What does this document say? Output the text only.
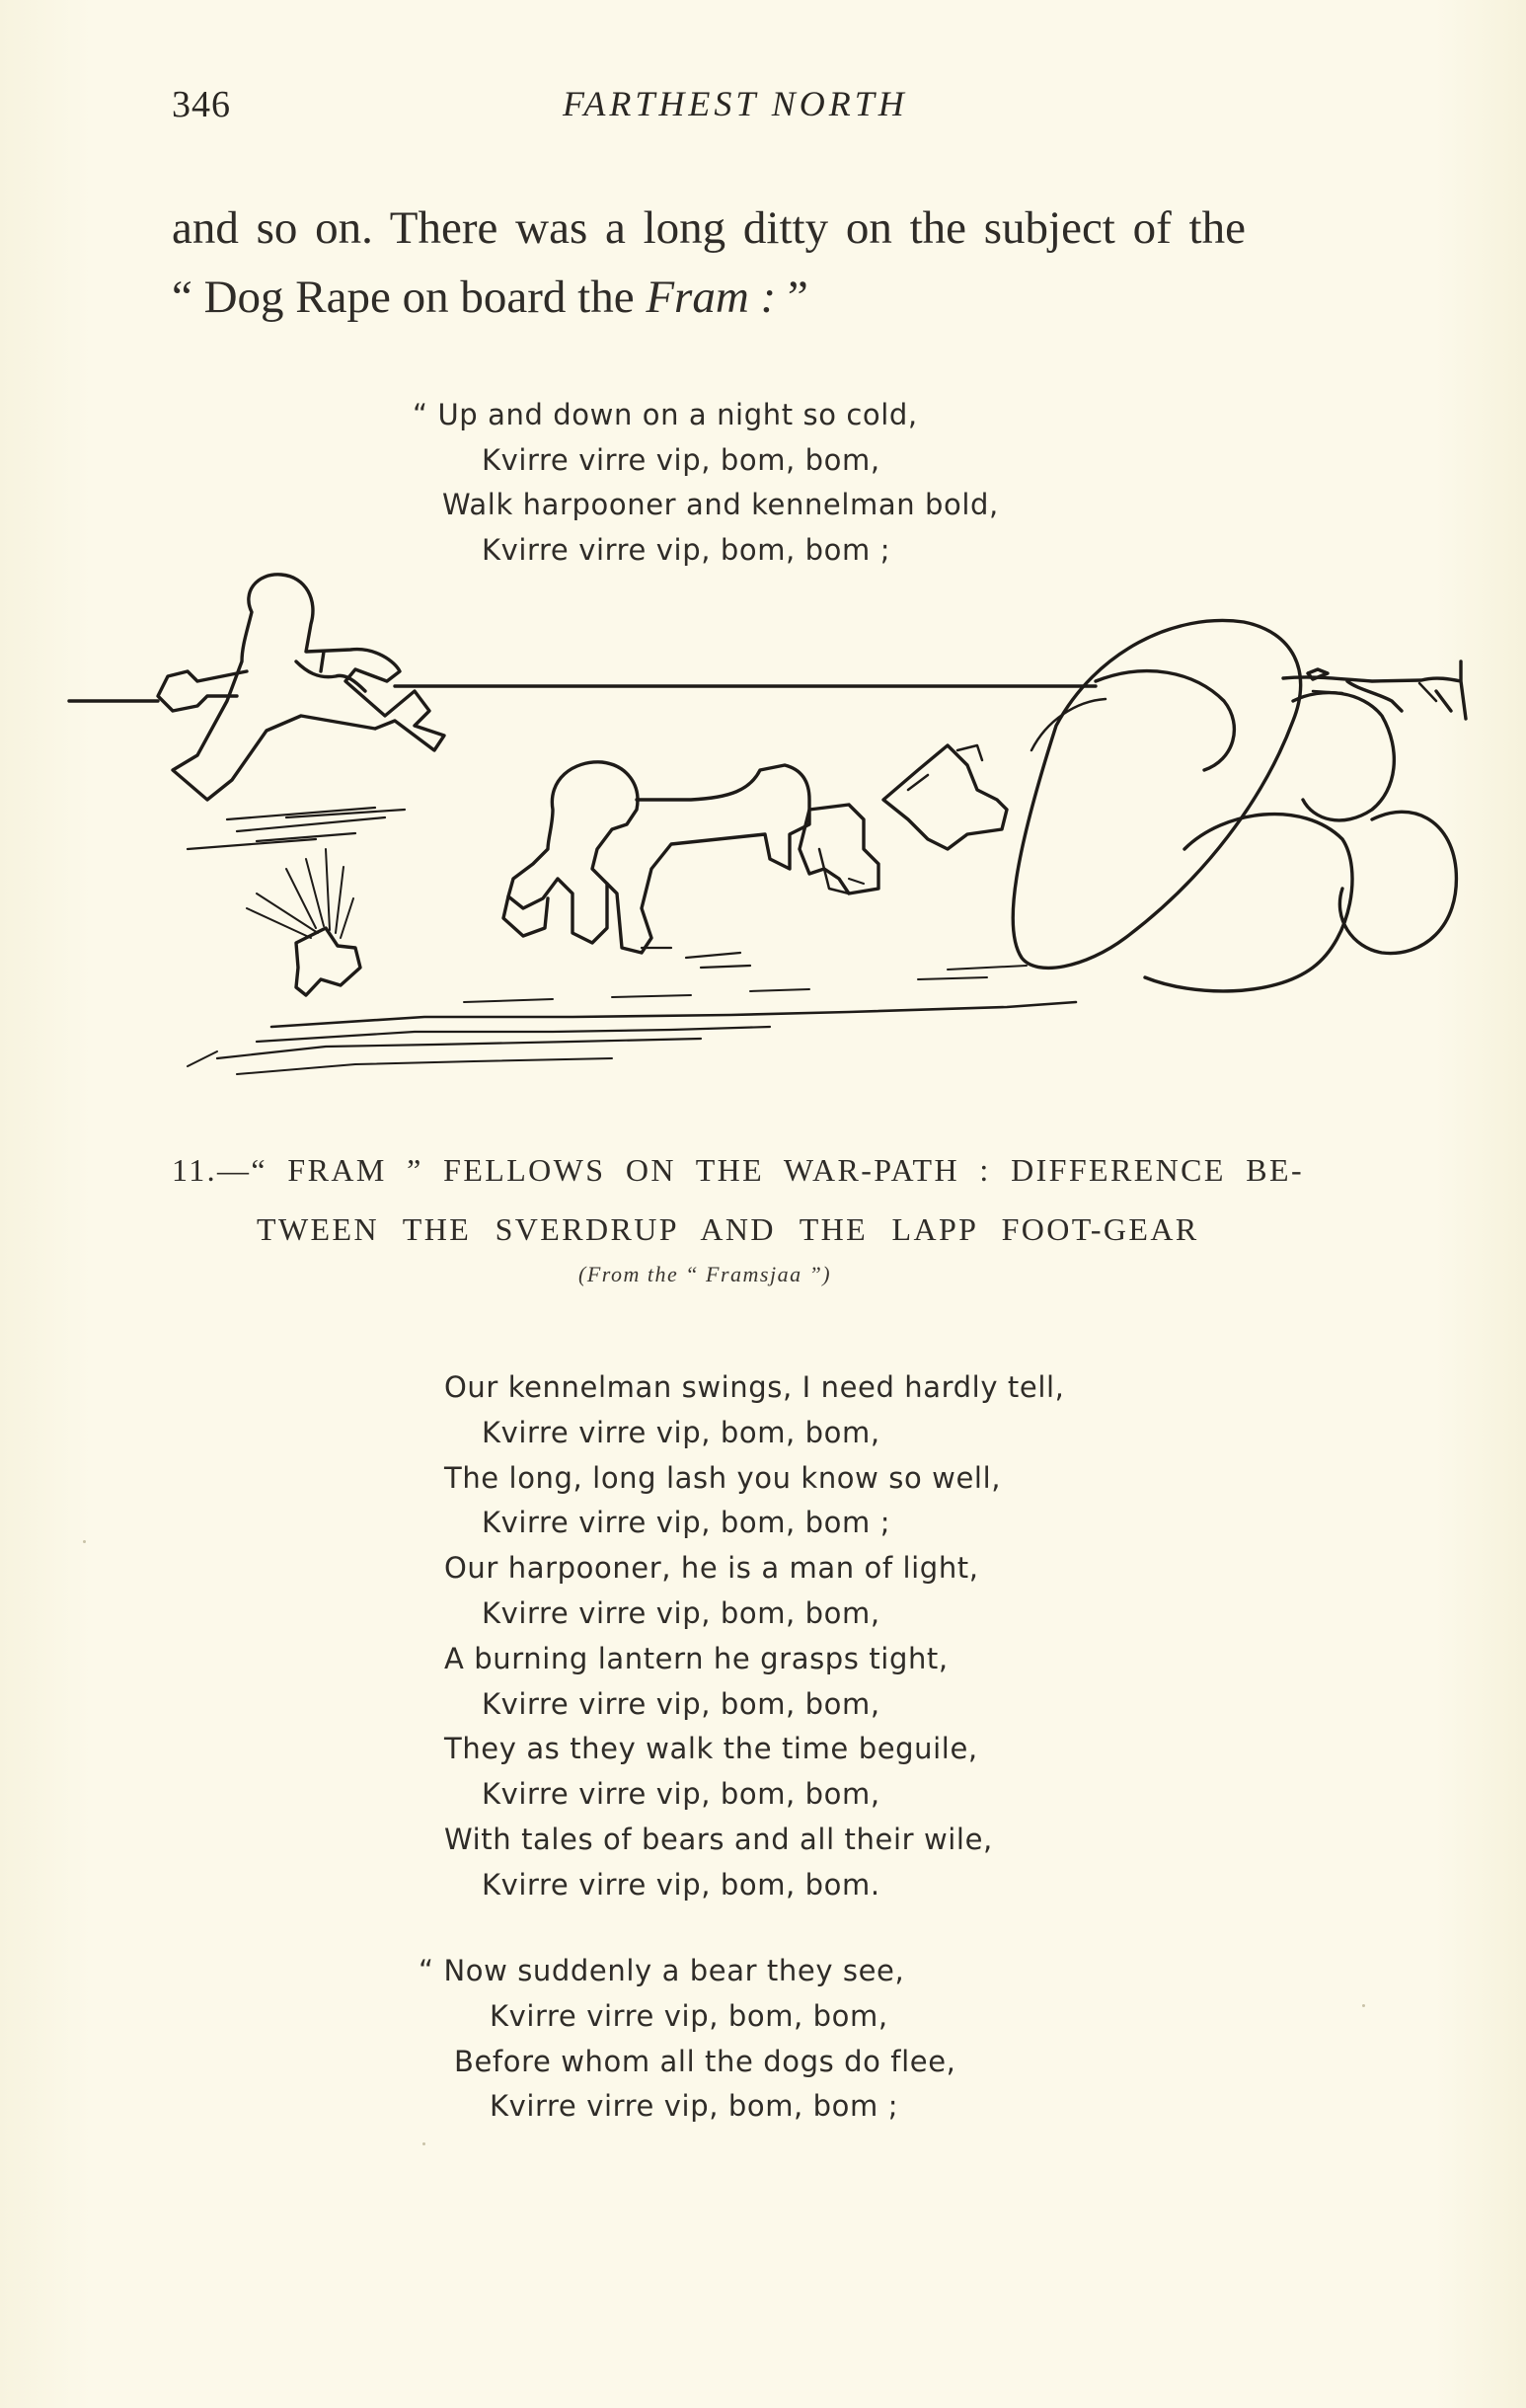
346	FARTHEST NORTH
and so on. There was a long ditty on the subject of the
“ Dog Rape on board the Fram : ”
“ Up and down on a night so cold,
Kvirre virre vip, bom, bom,
Walk harpooner and kennelman bold,
Kvirre virre vip, bom, bom ;
11.—“ FRAM ” FELLOWS ON THE WAR-PATH : DIFFERENCE BE-
TWEEN THE SVERDRUP AND THE LAPP FOOT-GEAR
(From the “ Framsjaa ”)
Our kennelman swings, I need hardly tell,
Kvirre virre vip, bom, bom,
The long, long lash you know so well,
Kvirre virre vip, bom, bom ;
Our harpooner, he is a man of light,
Kvirre virre vip, bom, bom,
A burning lantern he grasps tight,
Kvirre virre vip, bom, bom,
They as they walk the time beguile,
Kvirre virre vip, bom, bom,
With tales of bears and all their wile,
Kvirre virre vip, bom, bom.
“ Now suddenly a bear they see,
Kvirre virre vip, bom, bom,
Before whom all the dogs do flee,
Kvirre virre vip, bom, bom ;
